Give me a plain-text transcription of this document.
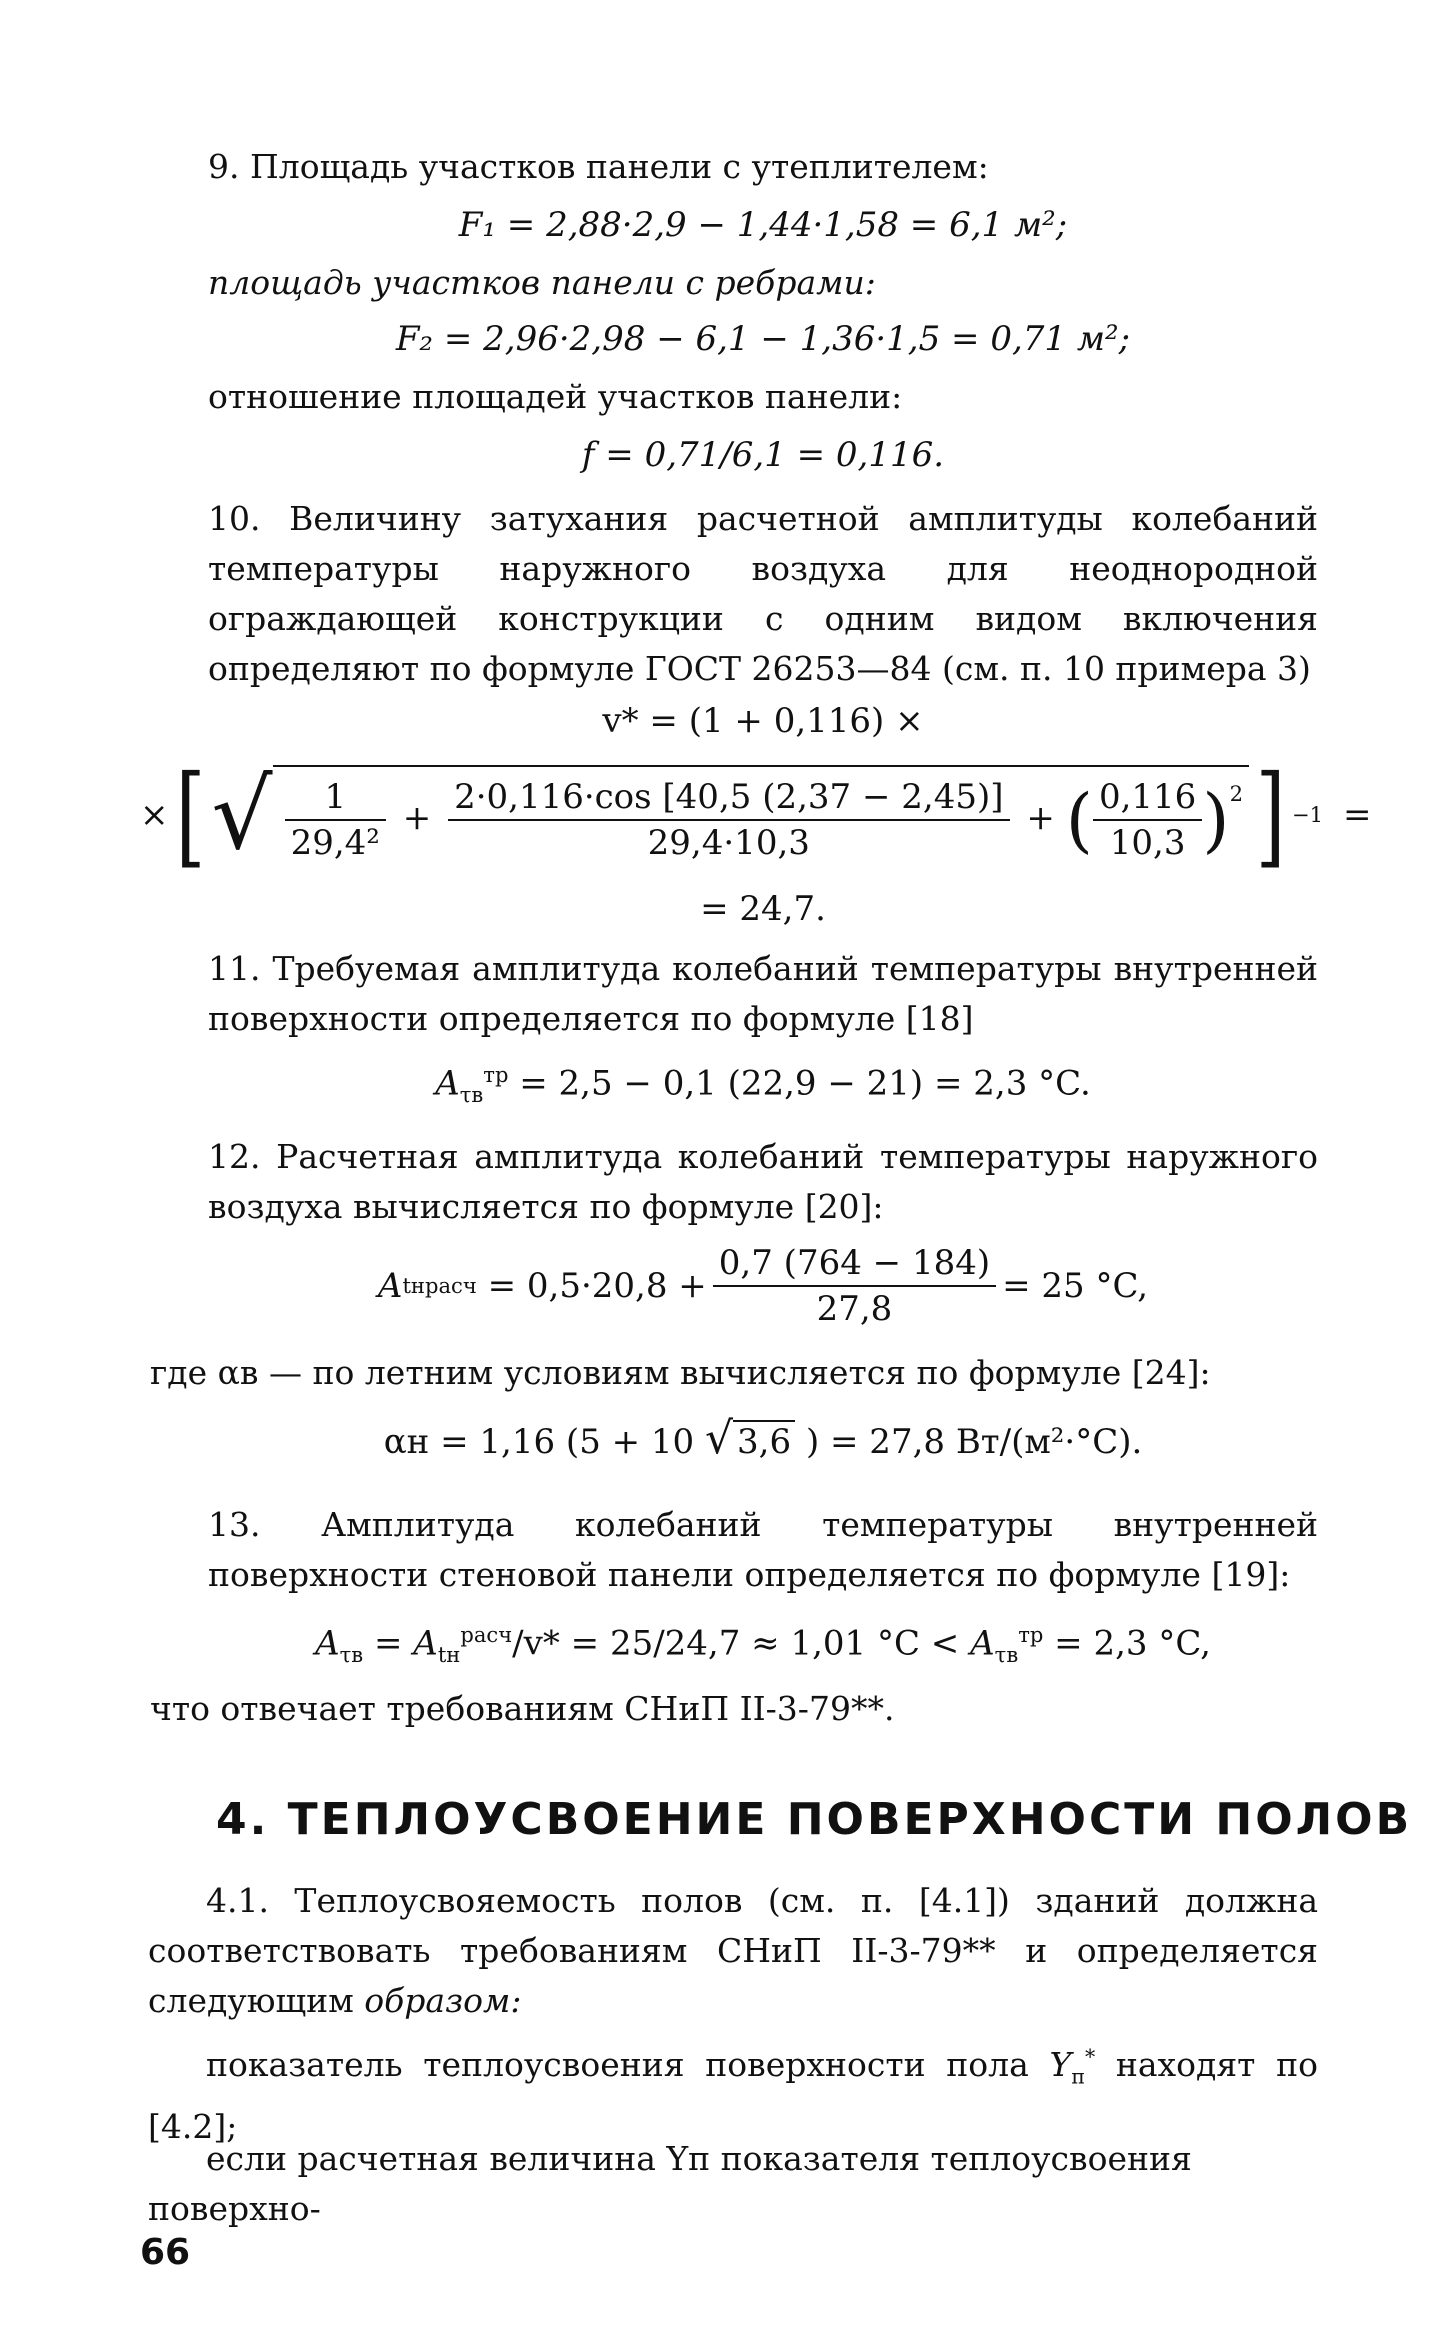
9. Площадь участков панели с утеплителем:
F₁ = 2,88·2,9 − 1,44·1,58 = 6,1 м²;
площадь участков панели с ребрами:
F₂ = 2,96·2,98 − 6,1 − 1,36·1,5 = 0,71 м²;
отношение площадей участков панели:
f = 0,71/6,1 = 0,116.
10. Величину затухания расчетной амплитуды колебаний температуры наружного воздуха для неоднородной ограждающей конструкции с одним видом включения определяют по формуле ГОСТ 26253—84 (см. п. 10 примера 3)
v* = (1 + 0,116) ×
× [ √ $\frac{1}{\text{29,4²}} + \frac{2\cdot 0,116\cdot\cos [40,5 (2,37 - 2,45)]}{29,4\cdot 10,3}$ + ( $\frac{0,116}{10,3} )^2$ ] −1 =
= 24,7.
11. Требуемая амплитуда колебаний температуры внутренней поверхности определяется по формуле [18]
$A_{\tau в}^{тр} = 2,5 - 0,1$ (22,9 − 21) = 2,3 °C.
12. Расчетная амплитуда колебаний температуры наружного воздуха вычисляется по формуле [20]:
A tн расч
= $0,5\cdot 20,8 + \frac{0,7 (764 - 184)}{27,8} = 25$ °C,
где αв — по летним условиям вычисляется по формуле [24]:
αн = 1,16 (5 + 10 √ 3,6 ) = 27,8 Вт/(м²·°C).
13. Амплитуда колебаний температуры внутренней поверхности стеновой панели определяется по формуле [19]:
$A_{\tau в} = A_{tн}^{расч}/v* = 25/24,7 \approx 1,01$ $^\circ C < A_{\tau в}^{тр} = 2,3$ °C,
что отвечает требованиям СНиП II-3-79**.
4. ТЕПЛОУСВОЕНИЕ ПОВЕРХНОСТИ ПОЛОВ
4.1. Теплоусвояемость полов (см. п. [4.1]) зданий должна соответствовать требованиям СНиП II-3-79** и определяется следующим образом:
показатель теплоусвоения поверхности пола $Y_п^*$ находят по [4.2];
если расчетная величина Yп показателя теплоусвоения поверхно-
66
